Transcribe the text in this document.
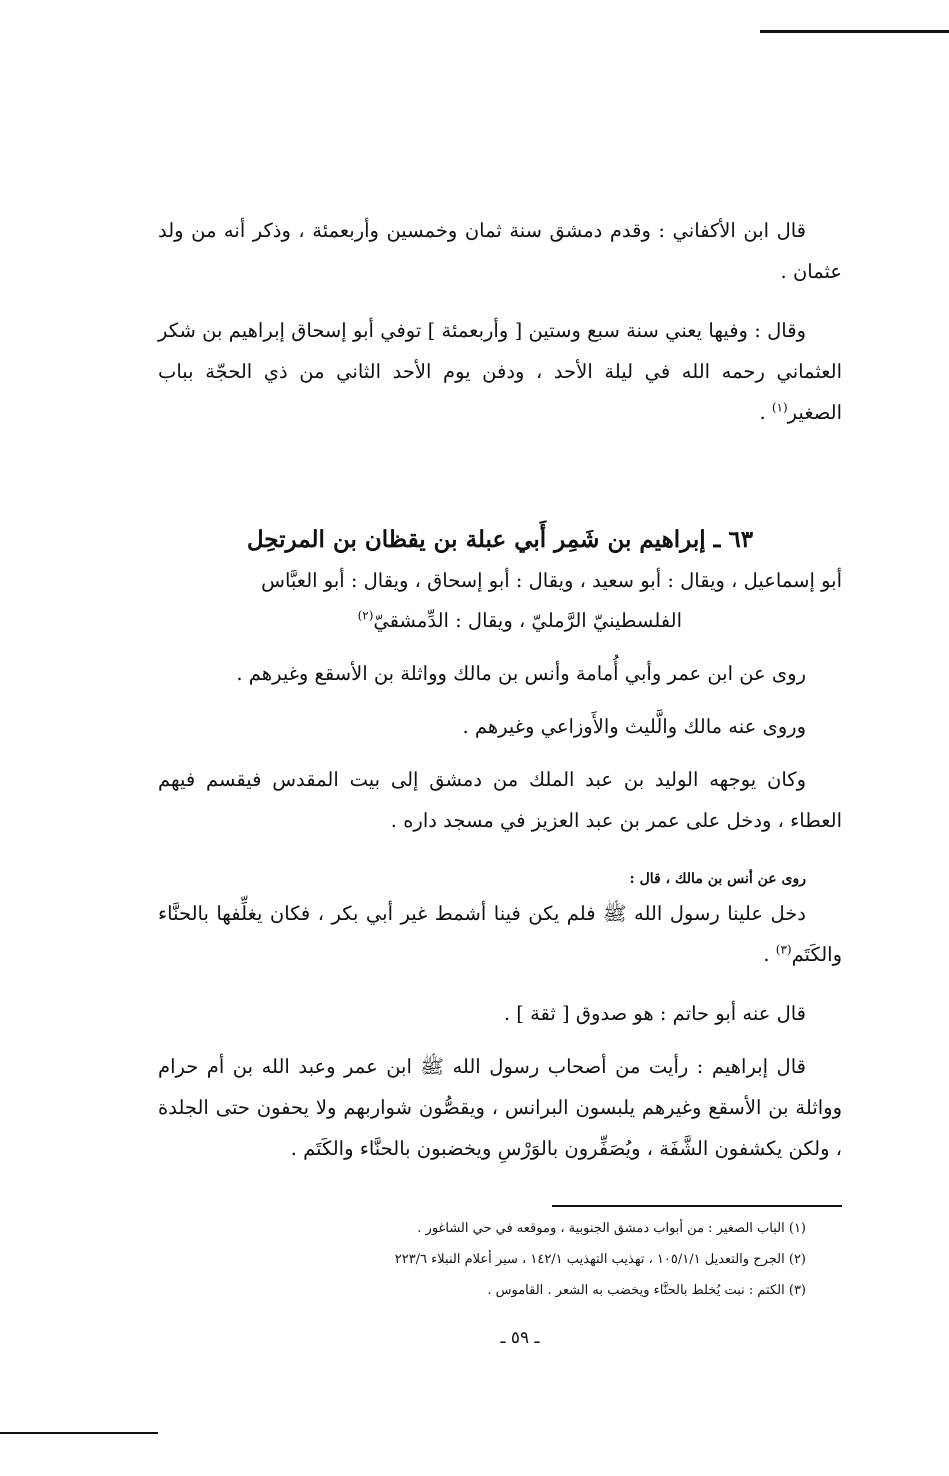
قال ابن الأكفاني : وقدم دمشق سنة ثمان وخمسين وأربعمئة ، وذكر أنه من ولد عثمان .

وقال : وفيها يعني سنة سبع وستين [ وأربعمئة ] توفي أبو إسحاق إبراهيم بن شكر العثماني رحمه الله في ليلة الأحد ، ودفن يوم الأحد الثاني من ذي الحجّة بباب الصغير$^{(١)}$ .

٦٣ ـ إبراهيم بن شَمِر أَبي عبلة بن يقظان بن المرتحِل

أبو إسماعيل ، ويقال : أبو سعيد ، ويقال : أبو إسحاق ، ويقال : أبو العبَّاس
الفلسطينيّ الرَّمليّ ، ويقال : الدِّمشقيّ$^{(٢)}$

روى عن ابن عمر وأبي أُمامة وأنس بن مالك وواثلة بن الأسقع وغيرهم .

وروى عنه مالك والَّليث والأَوزاعي وغيرهم .

وكان يوجهه الوليد بن عبد الملك من دمشق إلى بيت المقدس فيقسم فيهم العطاء ، ودخل على عمر بن عبد العزيز في مسجد داره .

روى عن أنس بن مالك ، قال :

دخل علينا رسول الله ﷺ فلم يكن فينا أشمط غير أبي بكر ، فكان يغلِّفها بالحنَّاء والكَتَم$^{(٣)}$ .

قال عنه أبو حاتم : هو صدوق [ ثقة ] .

قال إبراهيم : رأيت من أصحاب رسول الله ﷺ ابن عمر وعبد الله بن أم حرام وواثلة بن الأسقع وغيرهم يلبسون البرانس ، ويقصُّون شواربهم ولا يحفون حتى الجلدة ، ولكن يكشفون الشَّفَة ، ويُصَفِّرون بالوَرْسِ ويخضبون بالحنَّاء والكَتَم .

(١) الباب الصغير : من أبواب دمشق الجنوبية ، وموقعه في حي الشاغور .

(٢) الجرح والتعديل ١٠٥/١/١ ، تهذيب التهذيب ١٤٢/١ ، سير أعلام النبلاء ٢٢٣/٦

(٣) الكتم : نبت يُخلط بالحنَّاء ويخضب به الشعر . القاموس .

ـ ٥٩ ـ
